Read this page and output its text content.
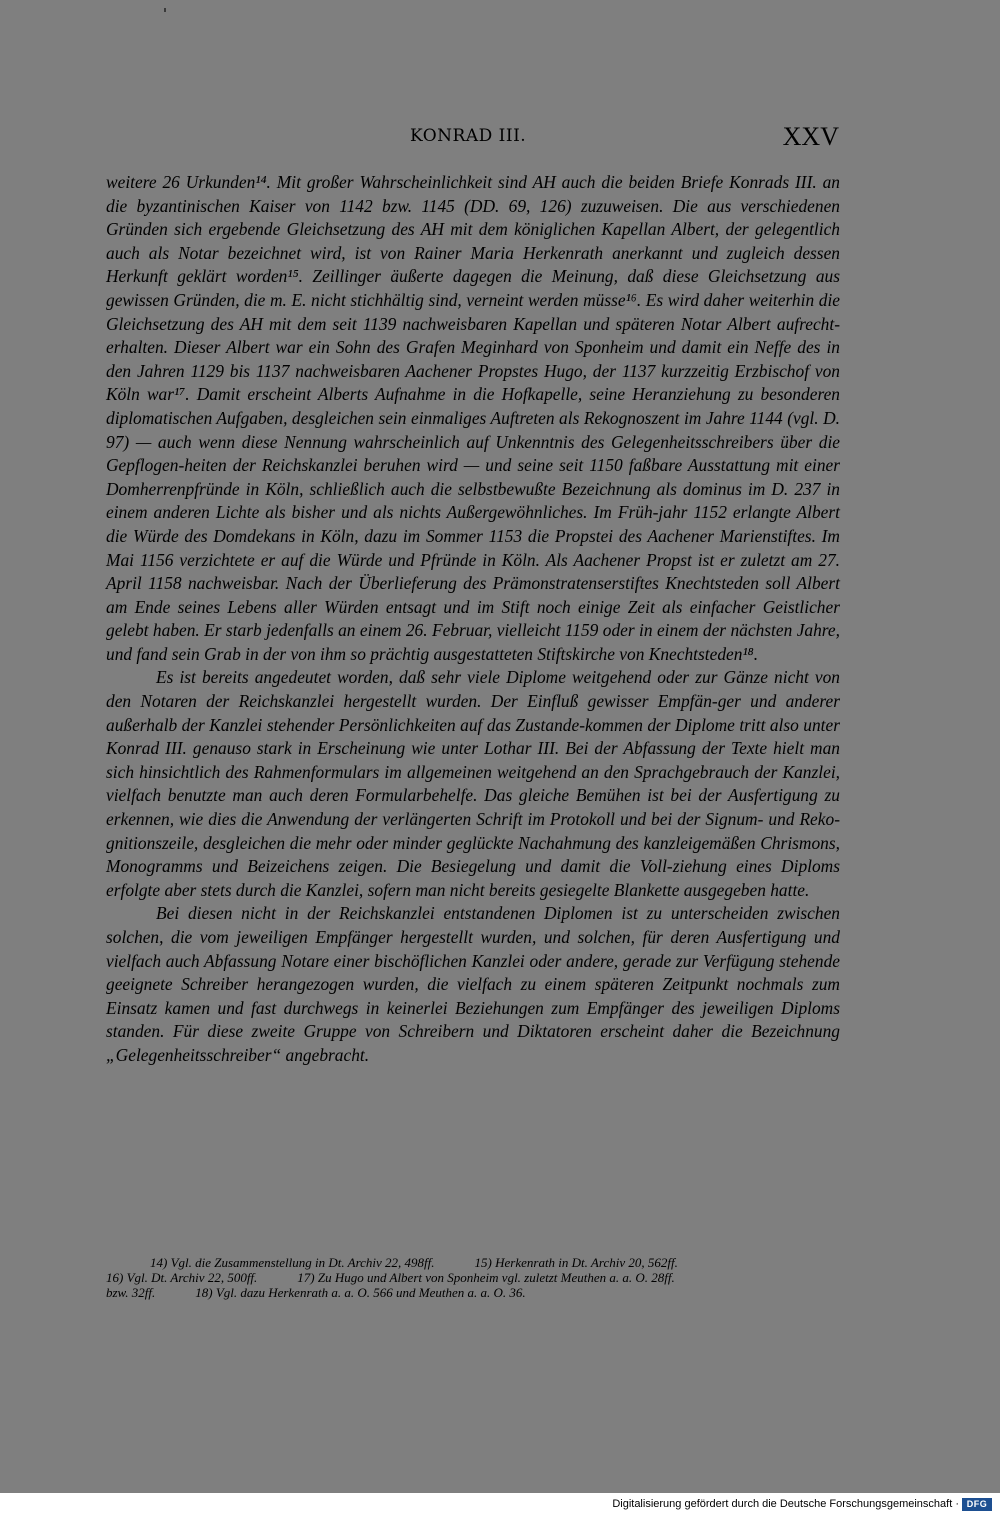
KONRAD III.	XXV

weitere 26 Urkunden¹⁴. Mit großer Wahrscheinlichkeit sind AH auch die beiden Briefe Konrads III. an die byzantinischen Kaiser von 1142 bzw. 1145 (DD. 69, 126) zuzuweisen. Die aus verschiedenen Gründen sich ergebende Gleichsetzung des AH mit dem königlichen Kapellan Albert, der gelegentlich auch als Notar bezeichnet wird, ist von Rainer Maria Herkenrath anerkannt und zugleich dessen Herkunft geklärt worden¹⁵. Zeillinger äußerte dagegen die Meinung, daß diese Gleichsetzung aus gewissen Gründen, die m. E. nicht stichhältig sind, verneint werden müsse¹⁶. Es wird daher weiterhin die Gleichsetzung des AH mit dem seit 1139 nachweisbaren Kapellan und späteren Notar Albert aufrecht-erhalten. Dieser Albert war ein Sohn des Grafen Meginhard von Sponheim und damit ein Neffe des in den Jahren 1129 bis 1137 nachweisbaren Aachener Propstes Hugo, der 1137 kurzzeitig Erzbischof von Köln war¹⁷. Damit erscheint Alberts Aufnahme in die Hofkapelle, seine Heranziehung zu besonderen diplomatischen Aufgaben, desgleichen sein einmaliges Auftreten als Rekognoszent im Jahre 1144 (vgl. D. 97) — auch wenn diese Nennung wahrscheinlich auf Unkenntnis des Gelegenheitsschreibers über die Gepflogen-heiten der Reichskanzlei beruhen wird — und seine seit 1150 faßbare Ausstattung mit einer Domherrenpfründe in Köln, schließlich auch die selbstbewußte Bezeichnung als dominus im D. 237 in einem anderen Lichte als bisher und als nichts Außergewöhnliches. Im Früh-jahr 1152 erlangte Albert die Würde des Domdekans in Köln, dazu im Sommer 1153 die Propstei des Aachener Marienstiftes. Im Mai 1156 verzichtete er auf die Würde und Pfründe in Köln. Als Aachener Propst ist er zuletzt am 27. April 1158 nachweisbar. Nach der Überlieferung des Prämonstratenserstiftes Knechtsteden soll Albert am Ende seines Lebens aller Würden entsagt und im Stift noch einige Zeit als einfacher Geistlicher gelebt haben. Er starb jedenfalls an einem 26. Februar, vielleicht 1159 oder in einem der nächsten Jahre, und fand sein Grab in der von ihm so prächtig ausgestatteten Stiftskirche von Knechtsteden¹⁸.

Es ist bereits angedeutet worden, daß sehr viele Diplome weitgehend oder zur Gänze nicht von den Notaren der Reichskanzlei hergestellt wurden. Der Einfluß gewisser Empfän-ger und anderer außerhalb der Kanzlei stehender Persönlichkeiten auf das Zustande-kommen der Diplome tritt also unter Konrad III. genauso stark in Erscheinung wie unter Lothar III. Bei der Abfassung der Texte hielt man sich hinsichtlich des Rahmenformulars im allgemeinen weitgehend an den Sprachgebrauch der Kanzlei, vielfach benutzte man auch deren Formularbehelfe. Das gleiche Bemühen ist bei der Ausfertigung zu erkennen, wie dies die Anwendung der verlängerten Schrift im Protokoll und bei der Signum- und Reko-gnitionszeile, desgleichen die mehr oder minder geglückte Nachahmung des kanzleigemäßen Chrismons, Monogramms und Beizeichens zeigen. Die Besiegelung und damit die Voll-ziehung eines Diploms erfolgte aber stets durch die Kanzlei, sofern man nicht bereits gesiegelte Blankette ausgegeben hatte.

Bei diesen nicht in der Reichskanzlei entstandenen Diplomen ist zu unterscheiden zwischen solchen, die vom jeweiligen Empfänger hergestellt wurden, und solchen, für deren Ausfertigung und vielfach auch Abfassung Notare einer bischöflichen Kanzlei oder andere, gerade zur Verfügung stehende geeignete Schreiber herangezogen wurden, die vielfach zu einem späteren Zeitpunkt nochmals zum Einsatz kamen und fast durchwegs in keinerlei Beziehungen zum Empfänger des jeweiligen Diploms standen. Für diese zweite Gruppe von Schreibern und Diktatoren erscheint daher die Bezeichnung „Gelegenheitsschreiber“ angebracht.

14) Vgl. die Zusammenstellung in Dt. Archiv 22, 498ff.	15) Herkenrath in Dt. Archiv 20, 562ff.
16) Vgl. Dt. Archiv 22, 500ff.	17) Zu Hugo und Albert von Sponheim vgl. zuletzt Meuthen a. a. O. 28ff.
bzw. 32ff.	18) Vgl. dazu Herkenrath a. a. O. 566 und Meuthen a. a. O. 36.
Digitalisierung gefördert durch die Deutsche Forschungsgemeinschaft · DFG
